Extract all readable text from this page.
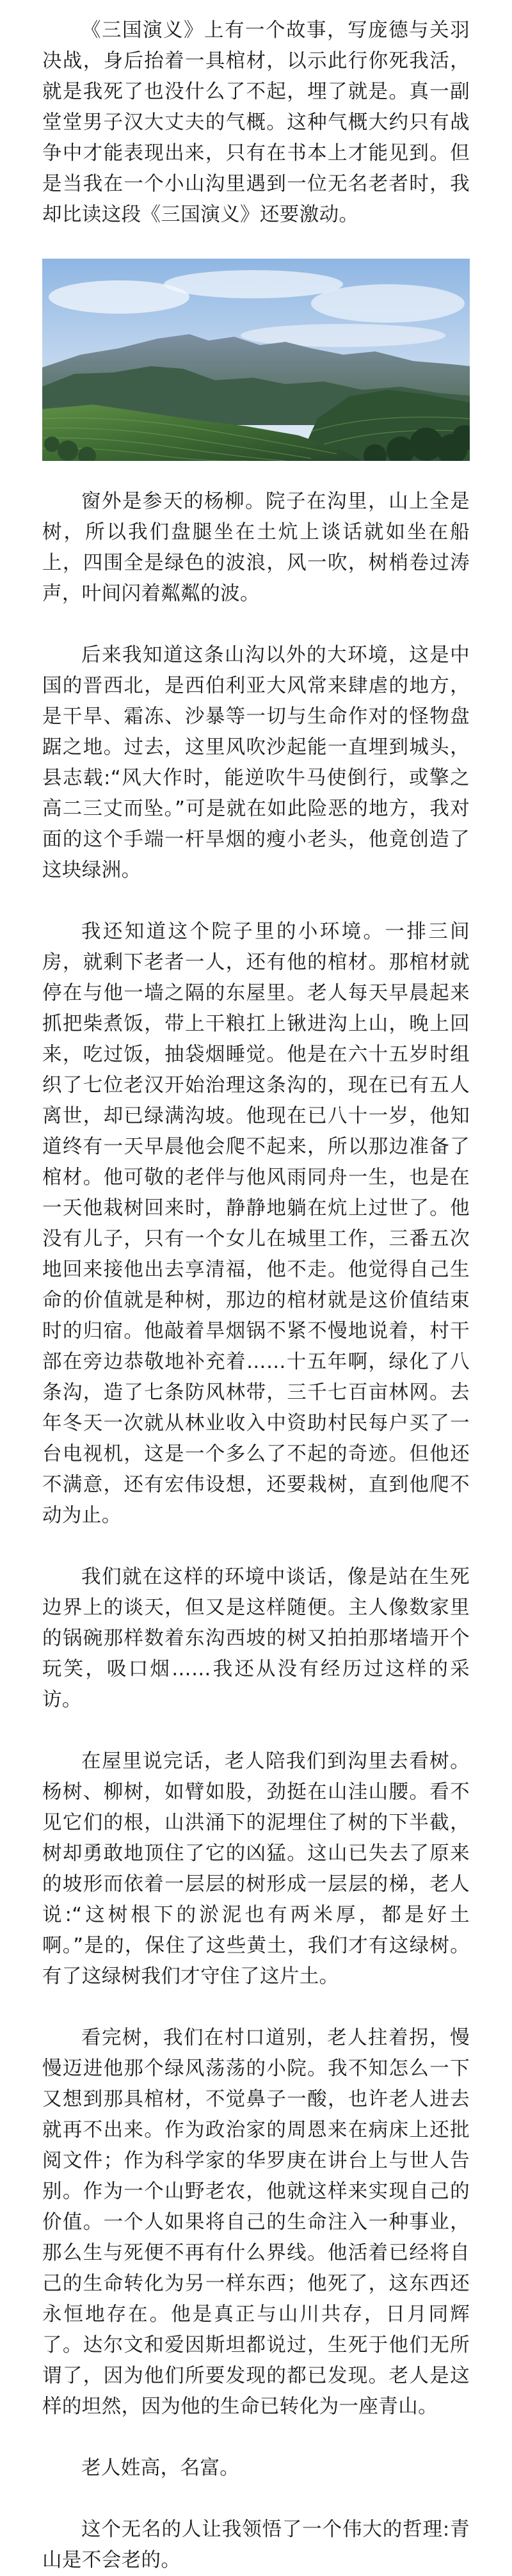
《三国演义》上有一个故事，写庞德与关羽决战，身后抬着一具棺材，以示此行你死我活，就是我死了也没什么了不起，埋了就是。真一副堂堂男子汉大丈夫的气概。这种气概大约只有战争中才能表现出来，只有在书本上才能见到。但是当我在一个小山沟里遇到一位无名老者时，我却比读这段《三国演义》还要激动。

窗外是参天的杨柳。院子在沟里，山上全是树，所以我们盘腿坐在土炕上谈话就如坐在船上，四围全是绿色的波浪，风一吹，树梢卷过涛声，叶间闪着粼粼的波。

后来我知道这条山沟以外的大环境，这是中国的晋西北，是西伯利亚大风常来肆虐的地方，是干旱、霜冻、沙暴等一切与生命作对的怪物盘踞之地。过去，这里风吹沙起能一直埋到城头，县志载:“风大作时，能逆吹牛马使倒行，或擎之高二三丈而坠。”可是就在如此险恶的地方，我对面的这个手端一杆旱烟的瘦小老头，他竟创造了这块绿洲。

我还知道这个院子里的小环境。一排三间房，就剩下老者一人，还有他的棺材。那棺材就停在与他一墙之隔的东屋里。老人每天早晨起来抓把柴煮饭，带上干粮扛上锹进沟上山，晚上回来，吃过饭，抽袋烟睡觉。他是在六十五岁时组织了七位老汉开始治理这条沟的，现在已有五人离世，却已绿满沟坡。他现在已八十一岁，他知道终有一天早晨他会爬不起来，所以那边准备了棺材。他可敬的老伴与他风雨同舟一生，也是在一天他栽树回来时，静静地躺在炕上过世了。他没有儿子，只有一个女儿在城里工作，三番五次地回来接他出去享清福，他不走。他觉得自己生命的价值就是种树，那边的棺材就是这价值结束时的归宿。他敲着旱烟锅不紧不慢地说着，村干部在旁边恭敬地补充着……十五年啊，绿化了八条沟，造了七条防风林带，三千七百亩林网。去年冬天一次就从林业收入中资助村民每户买了一台电视机，这是一个多么了不起的奇迹。但他还不满意，还有宏伟设想，还要栽树，直到他爬不动为止。

我们就在这样的环境中谈话，像是站在生死边界上的谈天，但又是这样随便。主人像数家里的锅碗那样数着东沟西坡的树又拍拍那堵墙开个玩笑，吸口烟……我还从没有经历过这样的采访。

在屋里说完话，老人陪我们到沟里去看树。杨树、柳树，如臂如股，劲挺在山洼山腰。看不见它们的根，山洪涌下的泥埋住了树的下半截，树却勇敢地顶住了它的凶猛。这山已失去了原来的坡形而依着一层层的树形成一层层的梯，老人说:“这树根下的淤泥也有两米厚，都是好土啊。”是的，保住了这些黄土，我们才有这绿树。有了这绿树我们才守住了这片土。

看完树，我们在村口道别，老人拄着拐，慢慢迈进他那个绿风荡荡的小院。我不知怎么一下又想到那具棺材，不觉鼻子一酸，也许老人进去就再不出来。作为政治家的周恩来在病床上还批阅文件；作为科学家的华罗庚在讲台上与世人告别。作为一个山野老农，他就这样来实现自己的价值。一个人如果将自己的生命注入一种事业，那么生与死便不再有什么界线。他活着已经将自己的生命转化为另一样东西；他死了，这东西还永恒地存在。他是真正与山川共存，日月同辉了。达尔文和爱因斯坦都说过，生死于他们无所谓了，因为他们所要发现的都已发现。老人是这样的坦然，因为他的生命已转化为一座青山。

老人姓高，名富。

这个无名的人让我领悟了一个伟大的哲理:青山是不会老的。
